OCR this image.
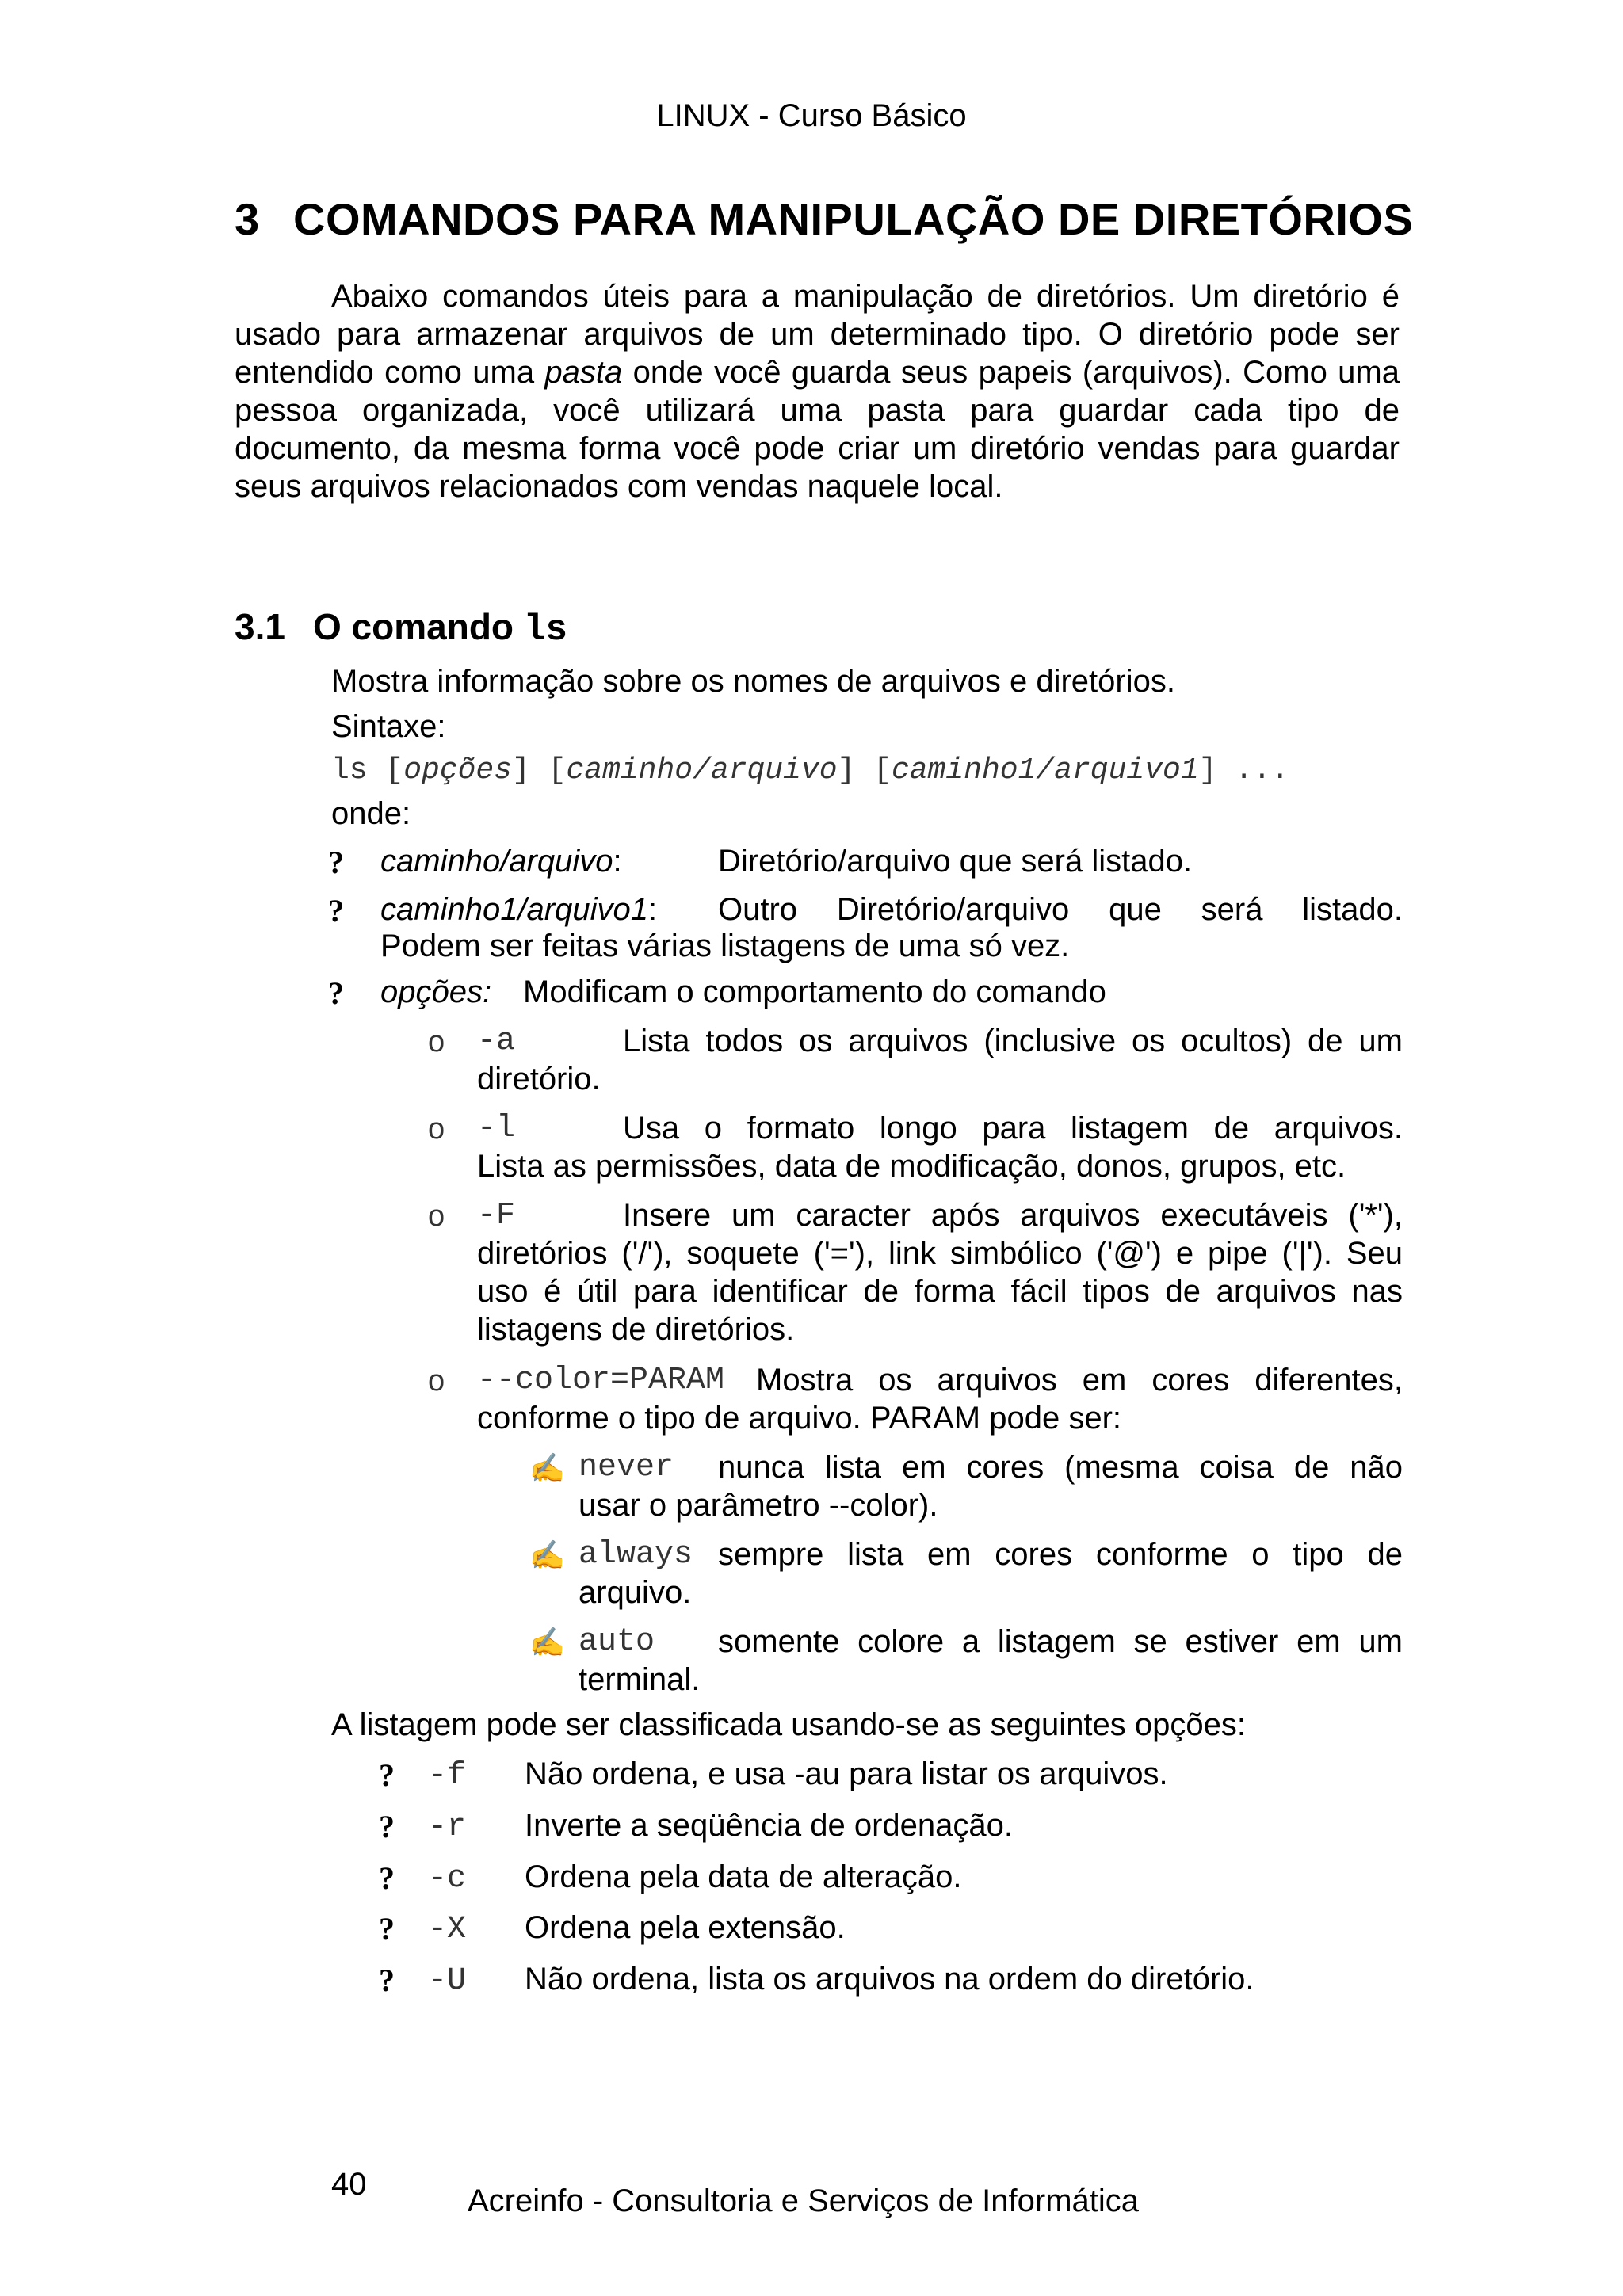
LINUX - Curso Básico
3 COMANDOS PARA MANIPULAÇÃO DE DIRETÓRIOS
Abaixo comandos úteis para a manipulação de diretórios. Um diretório é usado para armazenar arquivos de um determinado tipo. O diretório pode ser entendido como uma pasta onde você guarda seus papeis (arquivos). Como uma pessoa organizada, você utilizará uma pasta para guardar cada tipo de documento, da mesma forma você pode criar um diretório vendas para guardar seus arquivos relacionados com vendas naquele local.
3.1 O comando ls
Mostra informação sobre os nomes de arquivos e diretórios.
Sintaxe:
ls [opções] [caminho/arquivo] [caminho1/arquivo1] ...
onde:
? caminho/arquivo:	Diretório/arquivo que será listado.
? caminho1/arquivo1: Outro Diretório/arquivo que será listado.
Podem ser feitas várias listagens de uma só vez.
? opções: Modificam o comportamento do comando
o -a	Lista todos os arquivos (inclusive os ocultos) de um
diretório.
o -l	Usa o formato longo para listagem de arquivos.
Lista as permissões, data de modificação, donos, grupos, etc.
o -F	Insere um caracter após arquivos executáveis ('*'),
diretórios ('/'), soquete ('='), link simbólico ('@') e pipe ('|'). Seu
uso é útil para identificar de forma fácil tipos de arquivos nas
listagens de diretórios.
o --color=PARAM Mostra os arquivos em cores diferentes,
conforme o tipo de arquivo. PARAM pode ser:
✍ never nunca lista em cores (mesma coisa de não
usar o parâmetro --color).
✍ always sempre lista em cores conforme o tipo de
arquivo.
✍ auto somente colore a listagem se estiver em um
terminal.
A listagem pode ser classificada usando-se as seguintes opções:
? -f Não ordena, e usa -au para listar os arquivos.
? -r Inverte a seqüência de ordenação.
? -c Ordena pela data de alteração.
? -X Ordena pela extensão.
? -U Não ordena, lista os arquivos na ordem do diretório.
40	Acreinfo - Consultoria e Serviços de Informática
